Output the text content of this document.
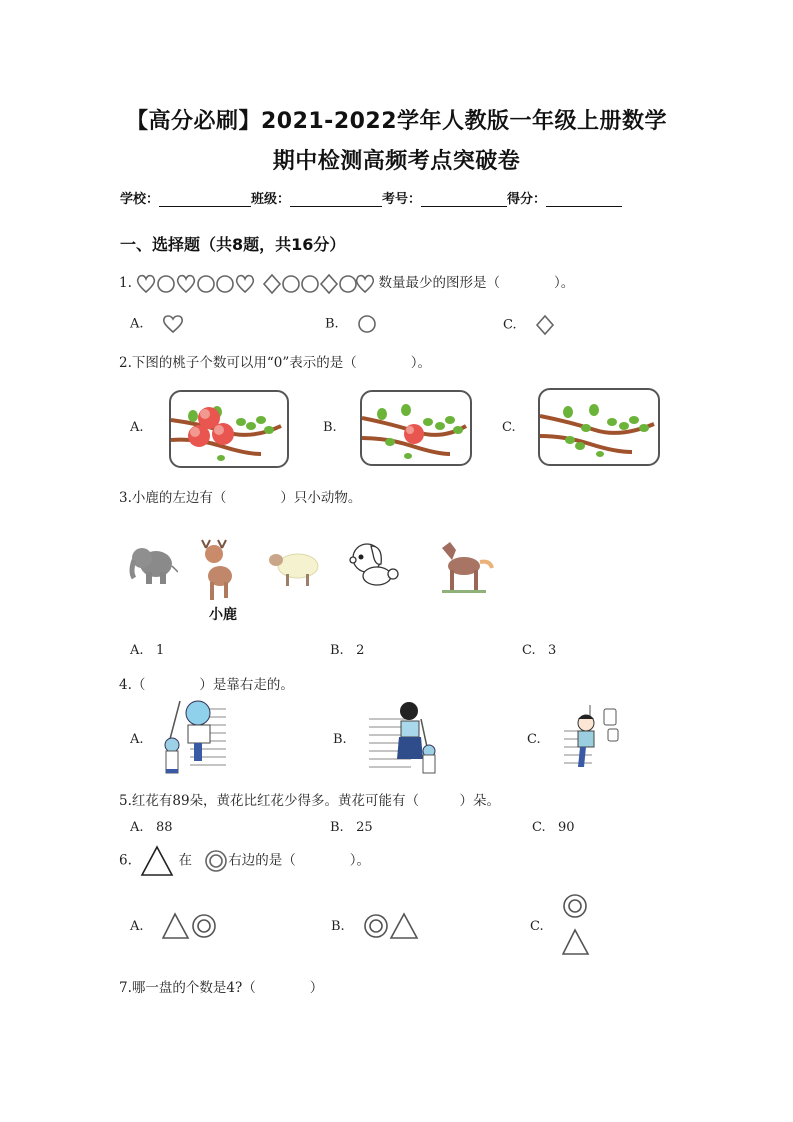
【高分必刷】2021-2022学年人教版一年级上册数学
期中检测高频考点突破卷
学校：	班级：	考号：	得分：
一、选择题（共8题，共16分）
1.	数量最少的图形是（　　　　）。
A.	B.	C.
2.下图的桃子个数可以用“0”表示的是（　　　　）。
A.	B.	C.
3.小鹿的左边有（　　　　）只小动物。
小鹿
A. 1	B. 2	C. 3
4.（　　　　）是靠右走的。
A.	B.	C.
5.红花有89朵，黄花比红花少得多。黄花可能有（　　　）朵。
A. 88	B. 25	C. 90
6.	在	右边的是（　　　　）。
A.	B.	C.
7.哪一盘的个数是4?（　　　　）
